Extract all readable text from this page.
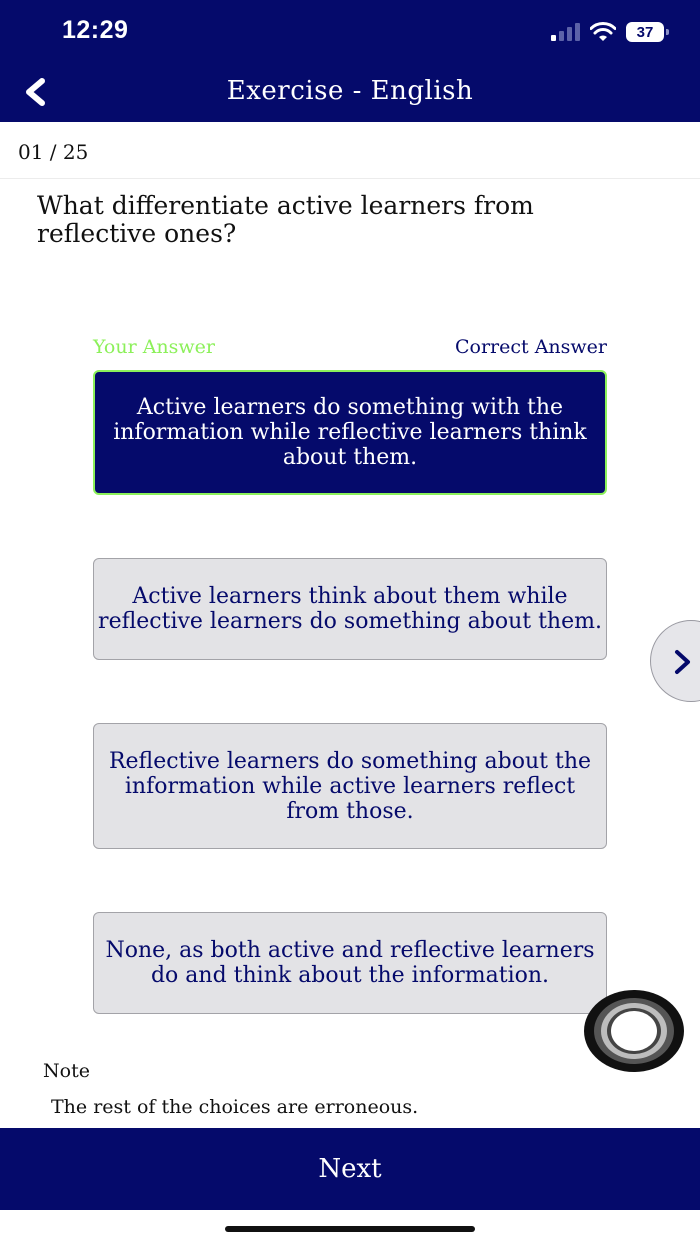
12:29	37
Exercise - English
01 / 25
What differentiate active learners from reflective ones?
Your Answer	Correct Answer
Active learners do something with the information while reflective learners think about them.
Active learners think about them while reflective learners do something about them.
Reflective learners do something about the information while active learners reflect from those.
None, as both active and reflective learners do and think about the information.
Note
The rest of the choices are erroneous.
Next
